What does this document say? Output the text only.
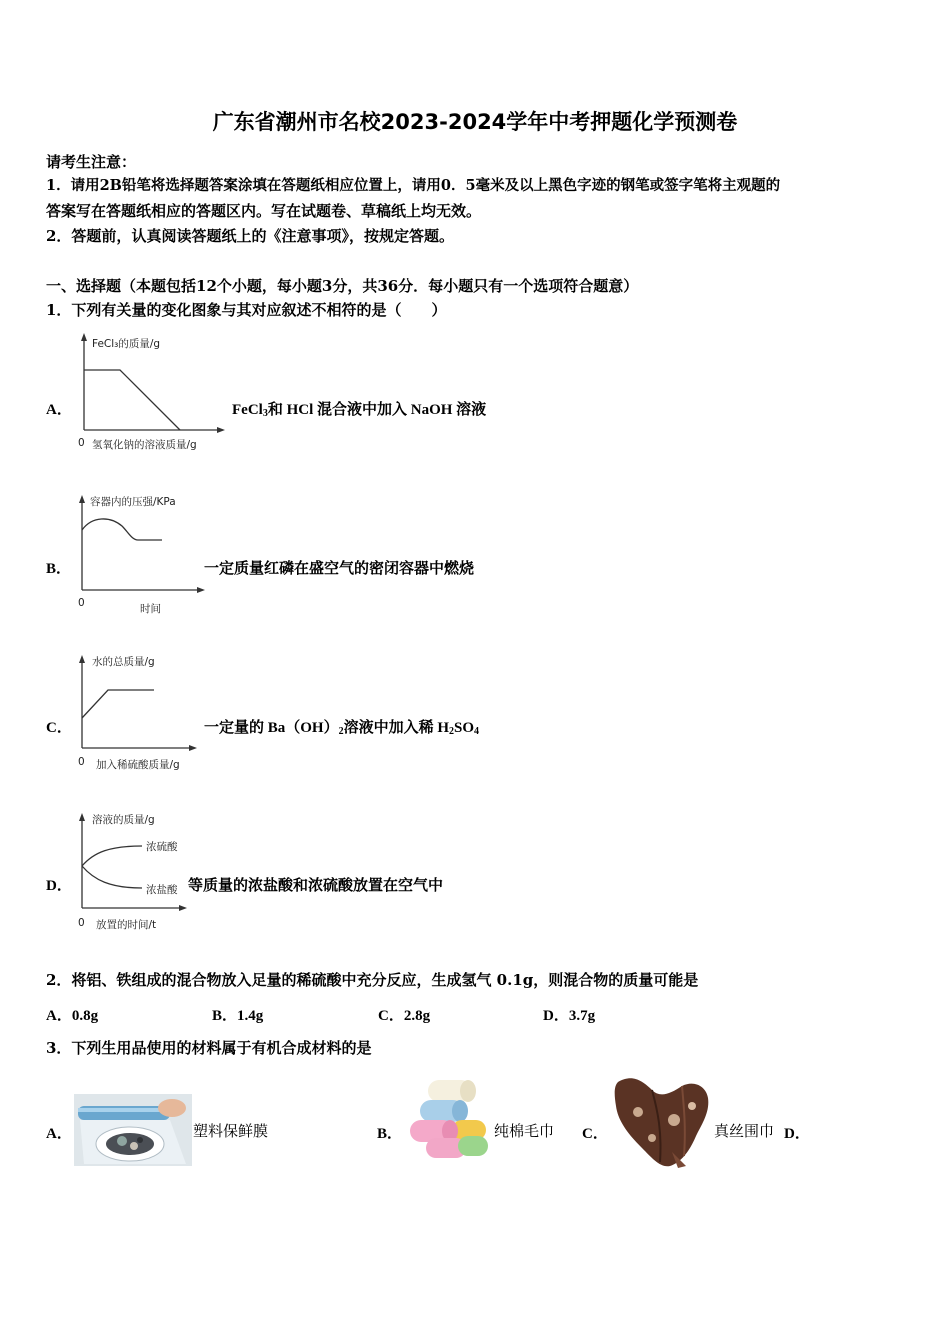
广东省潮州市名校2023-2024学年中考押题化学预测卷
请考生注意：
1．请用2B铅笔将选择题答案涂填在答题纸相应位置上，请用0．5毫米及以上黑色字迹的钢笔或签字笔将主观题的
答案写在答题纸相应的答题区内。写在试题卷、草稿纸上均无效。
2．答题前，认真阅读答题纸上的《注意事项》，按规定答题。
一、选择题（本题包括12个小题，每小题3分，共36分．每小题只有一个选项符合题意）
1．下列有关量的变化图象与其对应叙述不相符的是（　　）
A．
FeCl₃的质量/g
0 氢氧化钠的溶液质量/g
FeCl$_3$和 HCl 混合液中加入 NaOH 溶液
B．
容器内的压强/KPa
0	时间
一定质量红磷在盛空气的密闭容器中燃烧
C．
水的总质量/g
0 加入稀硫酸质量/g
一定量的 $Ba(OH)_2$溶液中加入稀 $H_2SO_4$
D．
溶液的质量/g
浓硫酸
浓盐酸
0 放置的时间/t
等质量的浓盐酸和浓硫酸放置在空气中
2．将铝、铁组成的混合物放入足量的稀硫酸中充分反应，生成氢气 0.1g，则混合物的质量可能是
A．0.8g	B．1.4g	C．2.8g	D．3.7g
3．下列生用品使用的材料属于有机合成材料的是
A．	塑料保鲜膜	B．	纯棉毛巾 C．	真丝围巾 D．
